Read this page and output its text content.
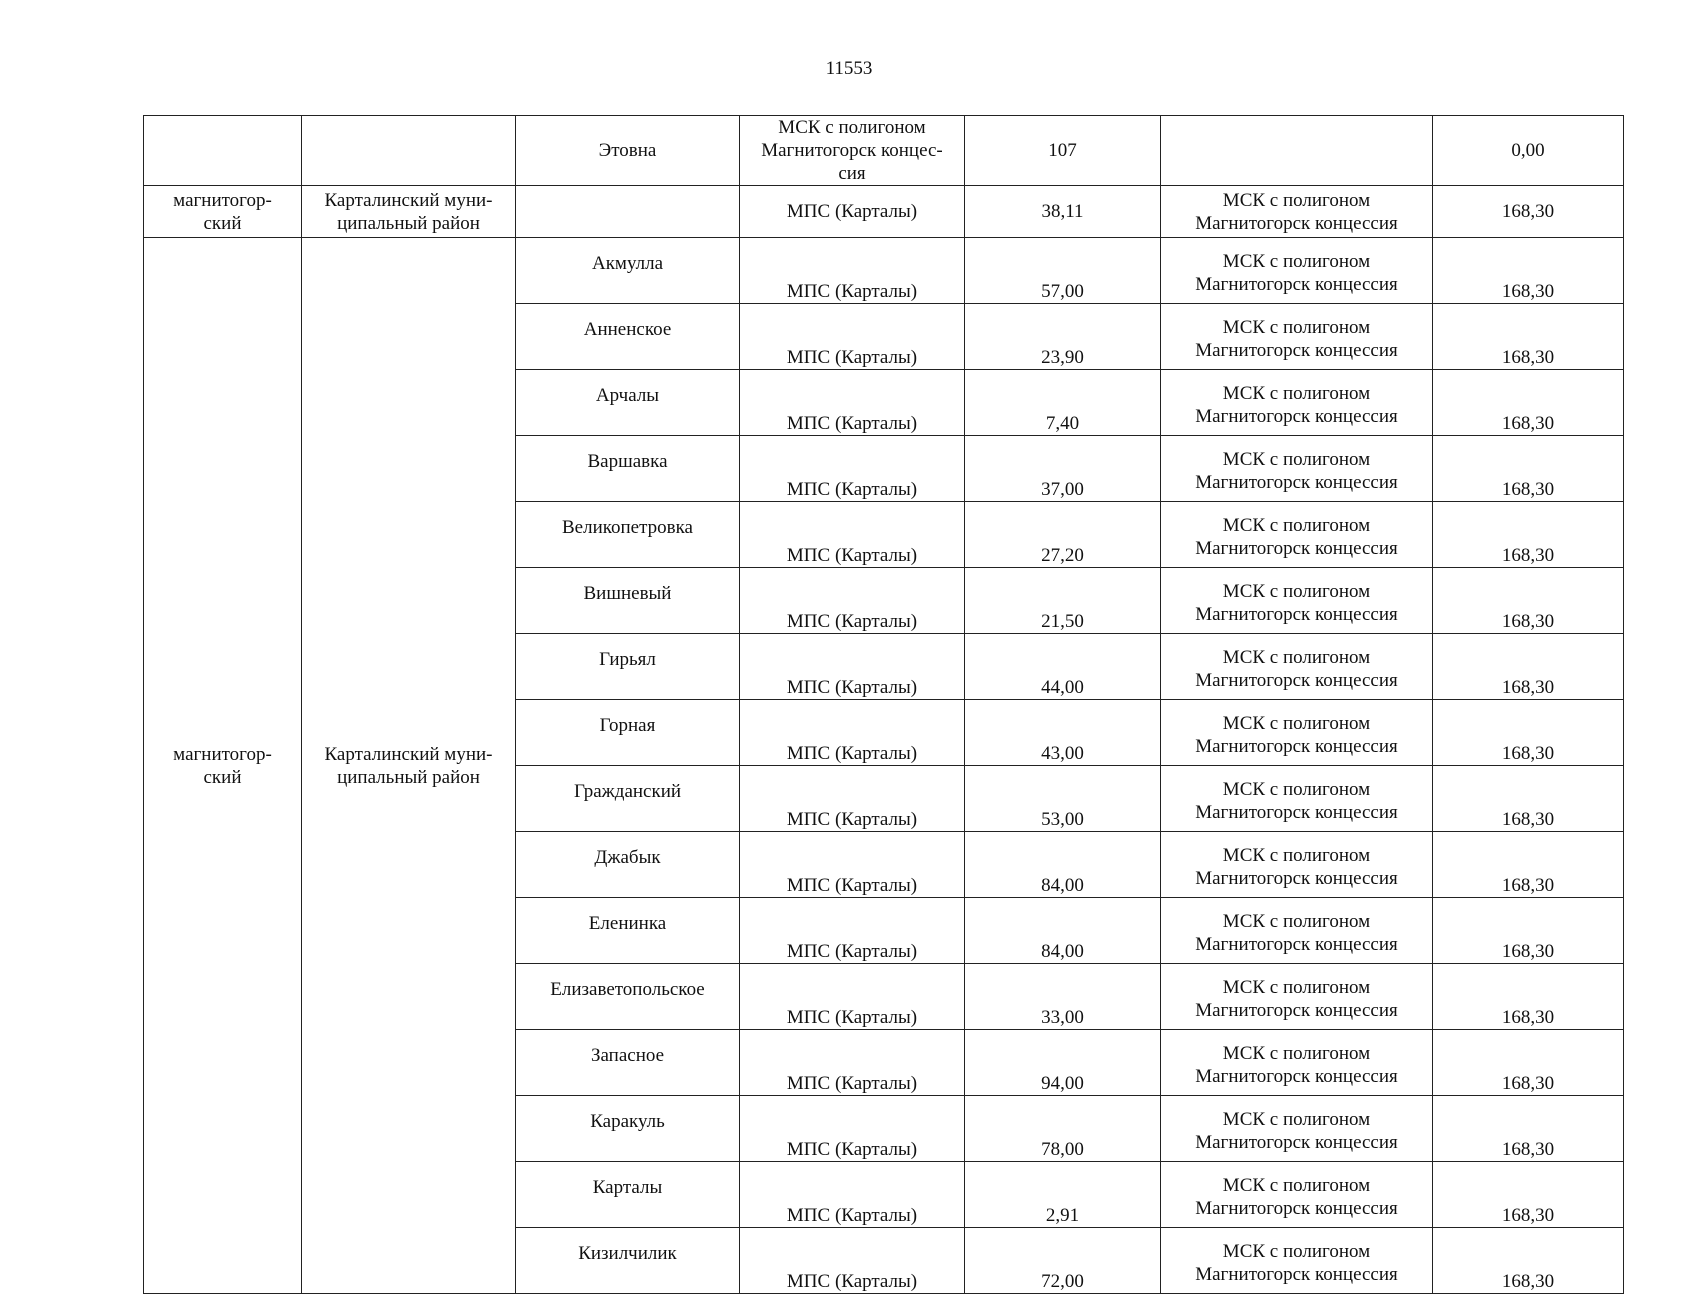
11553
		Этовна	МСК с полигоном
Магнитогорск концес-
сия	107		0,00

магнитогор-
ский	Карталинский муни-
ципальный район		МПС (Карталы)	38,11	МСК с полигоном
Магнитогорск концессия	168,30

магнитогор-
ский	Карталинский муни-
ципальный район	Акмулла	МПС (Карталы)	57,00	МСК с полигоном
Магнитогорск концессия	168,30
		Анненское	МПС (Карталы)	23,90	МСК с полигоном
Магнитогорск концессия	168,30
		Арчалы	МПС (Карталы)	7,40	МСК с полигоном
Магнитогорск концессия	168,30
		Варшавка	МПС (Карталы)	37,00	МСК с полигоном
Магнитогорск концессия	168,30
		Великопетровка	МПС (Карталы)	27,20	МСК с полигоном
Магнитогорск концессия	168,30
		Вишневый	МПС (Карталы)	21,50	МСК с полигоном
Магнитогорск концессия	168,30
		Гирьял	МПС (Карталы)	44,00	МСК с полигоном
Магнитогорск концессия	168,30
		Горная	МПС (Карталы)	43,00	МСК с полигоном
Магнитогорск концессия	168,30
		Гражданский	МПС (Карталы)	53,00	МСК с полигоном
Магнитогорск концессия	168,30
		Джабык	МПС (Карталы)	84,00	МСК с полигоном
Магнитогорск концессия	168,30
		Еленинка	МПС (Карталы)	84,00	МСК с полигоном
Магнитогорск концессия	168,30
		Елизаветопольское	МПС (Карталы)	33,00	МСК с полигоном
Магнитогорск концессия	168,30
		Запасное	МПС (Карталы)	94,00	МСК с полигоном
Магнитогорск концессия	168,30
		Каракуль	МПС (Карталы)	78,00	МСК с полигоном
Магнитогорск концессия	168,30
		Карталы	МПС (Карталы)	2,91	МСК с полигоном
Магнитогорск концессия	168,30
		Кизилчилик	МПС (Карталы)	72,00	МСК с полигоном
Магнитогорск концессия	168,30
